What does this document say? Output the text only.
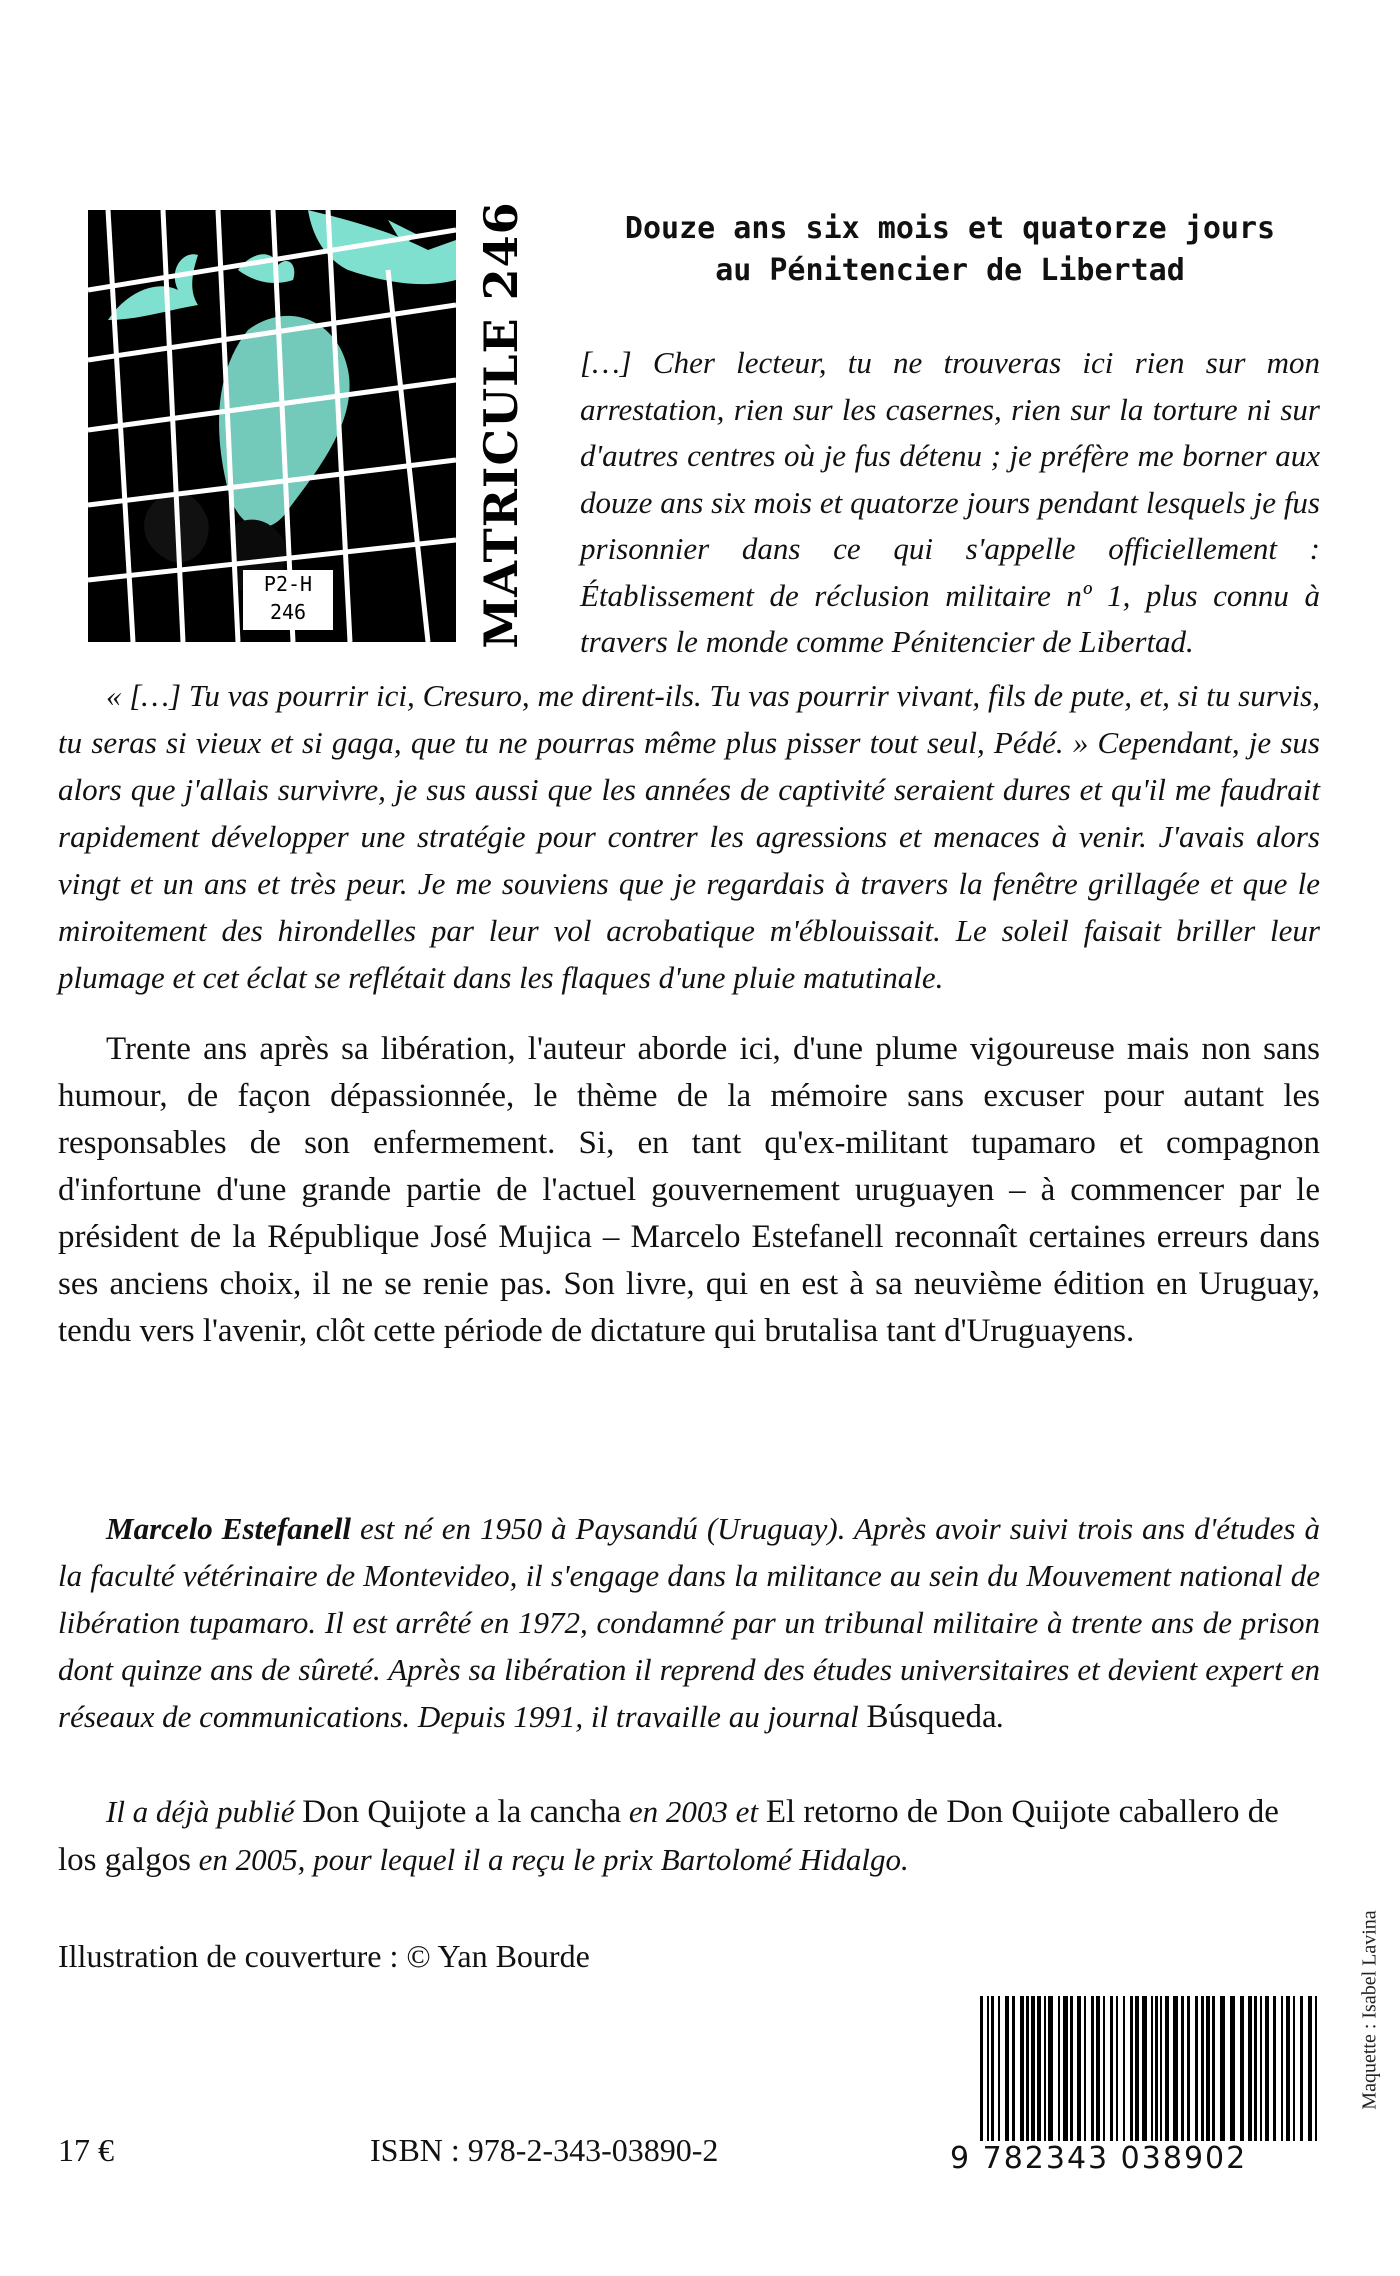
P2-H
246	MATRICULE 246	Douze ans six mois et quatorze jours
au Pénitencier de Libertad

[…] Cher lecteur, tu ne trouveras ici rien sur mon arrestation, rien sur les casernes, rien sur la torture ni sur d'autres centres où je fus détenu ; je préfère me borner aux douze ans six mois et quatorze jours pendant lesquels je fus prisonnier dans ce qui s'appelle officiellement : Établissement de réclusion militaire nº 1, plus connu à travers le monde comme Pénitencier de Libertad.

« […] Tu vas pourrir ici, Cresuro, me dirent-ils. Tu vas pourrir vivant, fils de pute, et, si tu survis, tu seras si vieux et si gaga, que tu ne pourras même plus pisser tout seul, Pédé. » Cependant, je sus alors que j'allais survivre, je sus aussi que les années de captivité seraient dures et qu'il me faudrait rapidement développer une stratégie pour contrer les agressions et menaces à venir. J'avais alors vingt et un ans et très peur. Je me souviens que je regardais à travers la fenêtre grillagée et que le miroitement des hirondelles par leur vol acrobatique m'éblouissait. Le soleil faisait briller leur plumage et cet éclat se reflétait dans les flaques d'une pluie matutinale.

Trente ans après sa libération, l'auteur aborde ici, d'une plume vigoureuse mais non sans humour, de façon dépassionnée, le thème de la mémoire sans excuser pour autant les responsables de son enfermement. Si, en tant qu'ex-militant tupamaro et compagnon d'infortune d'une grande partie de l'actuel gouvernement uruguayen – à commencer par le président de la République José Mujica – Marcelo Estefanell reconnaît certaines erreurs dans ses anciens choix, il ne se renie pas. Son livre, qui en est à sa neuvième édition en Uruguay, tendu vers l'avenir, clôt cette période de dictature qui brutalisa tant d'Uruguayens.

Marcelo Estefanell est né en 1950 à Paysandú (Uruguay). Après avoir suivi trois ans d'études à la faculté vétérinaire de Montevideo, il s'engage dans la militance au sein du Mouvement national de libération tupamaro. Il est arrêté en 1972, condamné par un tribunal militaire à trente ans de prison dont quinze ans de sûreté. Après sa libération il reprend des études universitaires et devient expert en réseaux de communications. Depuis 1991, il travaille au journal Búsqueda.

Il a déjà publié Don Quijote a la cancha en 2003 et El retorno de Don Quijote caballero de los galgos en 2005, pour lequel il a reçu le prix Bartolomé Hidalgo.

Illustration de couverture : © Yan Bourde
17 €	ISBN : 978-2-343-03890-2	9 782343 038902
Maquette : Isabel Lavina
